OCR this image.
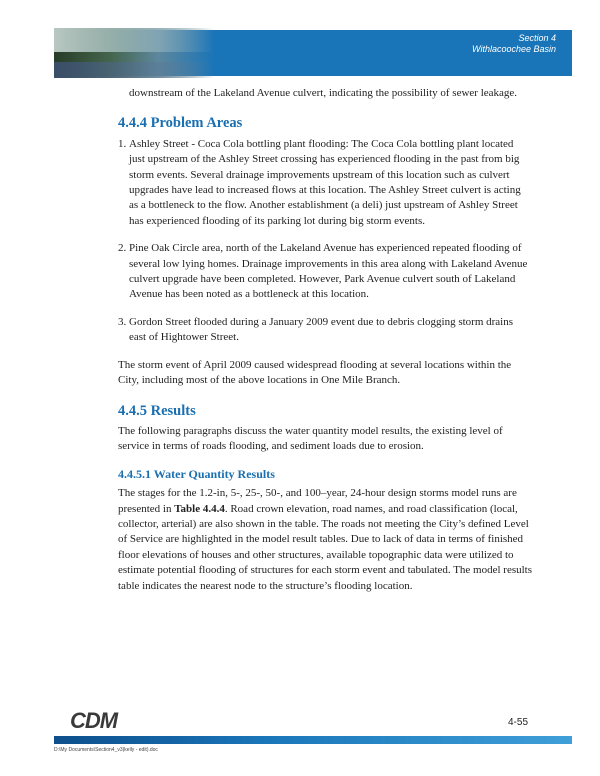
Section 4
Withlacoochee Basin

downstream of the Lakeland Avenue culvert, indicating the possibility of sewer leakage.

4.4.4 Problem Areas
1. Ashley Street - Coca Cola bottling plant flooding: The Coca Cola bottling plant located just upstream of the Ashley Street crossing has experienced flooding in the past from big storm events. Several drainage improvements upstream of this location such as culvert upgrades have lead to increased flows at this location. The Ashley Street culvert is acting as a bottleneck to the flow. Another establishment (a deli) just upstream of Ashley Street has experienced flooding of its parking lot during big storm events.
2. Pine Oak Circle area, north of the Lakeland Avenue has experienced repeated flooding of several low lying homes. Drainage improvements in this area along with Lakeland Avenue culvert upgrade have been completed. However, Park Avenue culvert south of Lakeland Avenue has been noted as a bottleneck at this location.
3. Gordon Street flooded during a January 2009 event due to debris clogging storm drains east of Hightower Street.

The storm event of April 2009 caused widespread flooding at several locations within the City, including most of the above locations in One Mile Branch.

4.4.5 Results

The following paragraphs discuss the water quantity model results, the existing level of service in terms of roads flooding, and sediment loads due to erosion.

4.4.5.1 Water Quantity Results

The stages for the 1.2-in, 5-, 25-, 50-, and 100–year, 24-hour design storms model runs are presented in Table 4.4.4. Road crown elevation, road names, and road classification (local, collector, arterial) are also shown in the table. The roads not meeting the City’s defined Level of Service are highlighted in the model result tables. Due to lack of data in terms of finished floor elevations of houses and other structures, available topographic data were utilized to estimate potential flooding of structures for each storm event and tabulated. The model results table indicates the nearest node to the structure’s flooding location.

CDM	4-55
D:\My Documents\Section4_v3(kelly - edit).doc
